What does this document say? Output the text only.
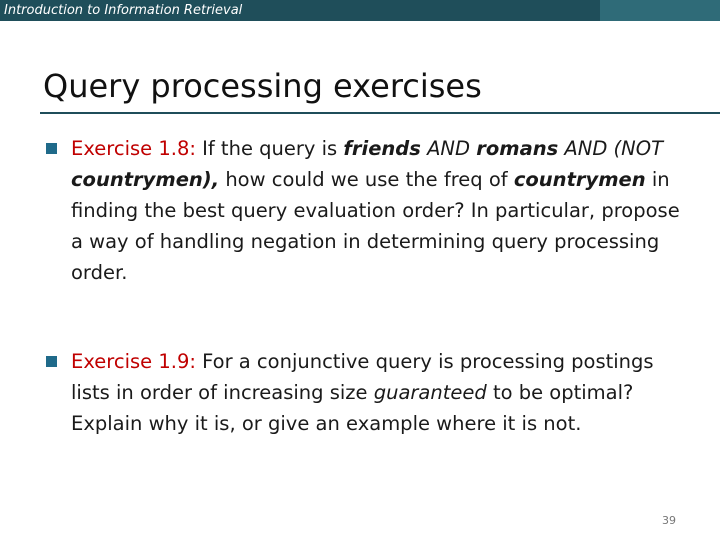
Introduction to Information Retrieval
Query processing exercises
Exercise 1.8: If the query is friends AND romans AND (NOT countrymen), how could we use the freq of countrymen in finding the best query evaluation order? In particular, propose a way of handling negation in determining query processing order.
Exercise 1.9: For a conjunctive query is processing postings lists in order of increasing size guaranteed to be optimal? Explain why it is, or give an example where it is not.
39
